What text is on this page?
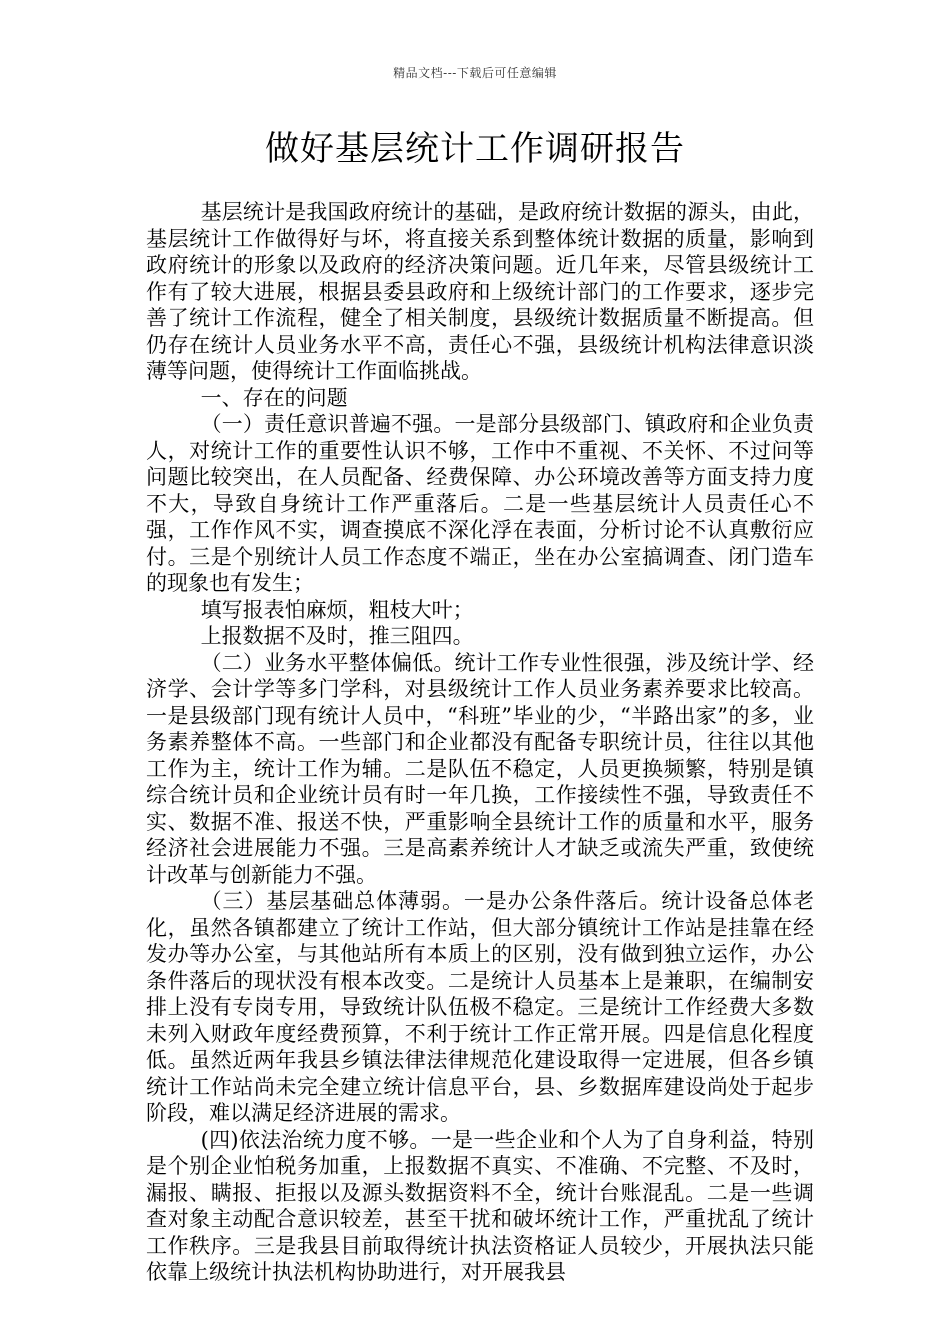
精品文档---下载后可任意编辑
做好基层统计工作调研报告

基层统计是我国政府统计的基础，是政府统计数据的源头，由此，基层统计工作做得好与坏，将直接关系到整体统计数据的质量，影响到政府统计的形象以及政府的经济决策问题。近几年来，尽管县级统计工作有了较大进展，根据县委县政府和上级统计部门的工作要求，逐步完善了统计工作流程，健全了相关制度，县级统计数据质量不断提高。但仍存在统计人员业务水平不高，责任心不强，县级统计机构法律意识淡薄等问题，使得统计工作面临挑战。

一、存在的问题

（一）责任意识普遍不强。一是部分县级部门、镇政府和企业负责人，对统计工作的重要性认识不够，工作中不重视、不关怀、不过问等问题比较突出，在人员配备、经费保障、办公环境改善等方面支持力度不大，导致自身统计工作严重落后。二是一些基层统计人员责任心不强，工作作风不实，调查摸底不深化浮在表面，分析讨论不认真敷衍应付。三是个别统计人员工作态度不端正，坐在办公室搞调查、闭门造车的现象也有发生；

填写报表怕麻烦，粗枝大叶；

上报数据不及时，推三阻四。

（二）业务水平整体偏低。统计工作专业性很强，涉及统计学、经济学、会计学等多门学科，对县级统计工作人员业务素养要求比较高。一是县级部门现有统计人员中，“科班”毕业的少，“半路出家”的多，业务素养整体不高。一些部门和企业都没有配备专职统计员，往往以其他工作为主，统计工作为辅。二是队伍不稳定，人员更换频繁，特别是镇综合统计员和企业统计员有时一年几换，工作接续性不强，导致责任不实、数据不准、报送不快，严重影响全县统计工作的质量和水平，服务经济社会进展能力不强。三是高素养统计人才缺乏或流失严重，致使统计改革与创新能力不强。

（三）基层基础总体薄弱。一是办公条件落后。统计设备总体老化，虽然各镇都建立了统计工作站，但大部分镇统计工作站是挂靠在经发办等办公室，与其他站所有本质上的区别，没有做到独立运作，办公条件落后的现状没有根本改变。二是统计人员基本上是兼职，在编制安排上没有专岗专用，导致统计队伍极不稳定。三是统计工作经费大多数未列入财政年度经费预算，不利于统计工作正常开展。四是信息化程度低。虽然近两年我县乡镇法律法律规范化建设取得一定进展，但各乡镇统计工作站尚未完全建立统计信息平台，县、乡数据库建设尚处于起步阶段，难以满足经济进展的需求。

(四)依法治统力度不够。一是一些企业和个人为了自身利益，特别是个别企业怕税务加重，上报数据不真实、不准确、不完整、不及时，漏报、瞒报、拒报以及源头数据资料不全，统计台账混乱。二是一些调查对象主动配合意识较差，甚至干扰和破坏统计工作，严重扰乱了统计工作秩序。三是我县目前取得统计执法资格证人员较少，开展执法只能依靠上级统计执法机构协助进行，对开展我县
